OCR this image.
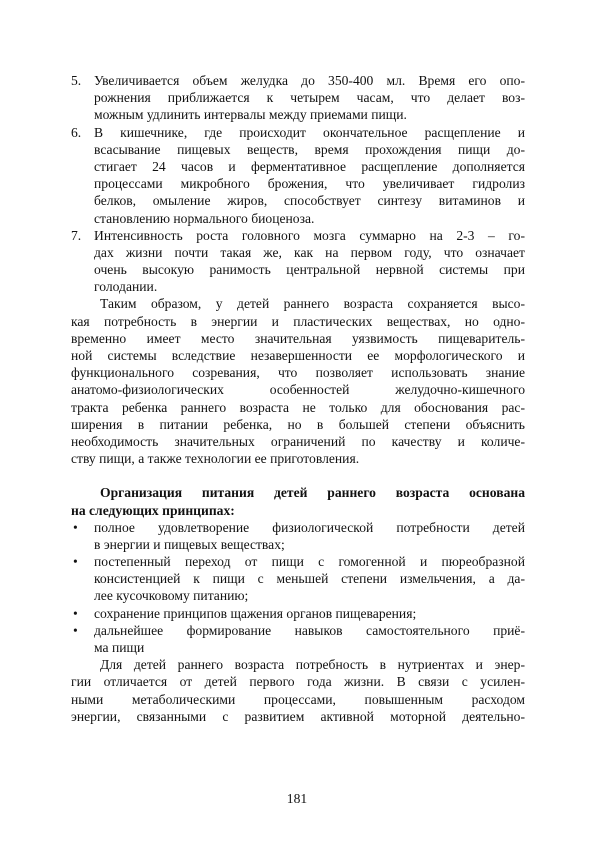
5. Увеличивается объем желудка до 350-400 мл. Время его опо-
рожнения приближается к четырем часам, что делает воз-
можным удлинить интервалы между приемами пищи.
6. В кишечнике, где происходит окончательное расщепление и
всасывание пищевых веществ, время прохождения пищи до-
стигает 24 часов и ферментативное расщепление дополняется
процессами микробного брожения, что увеличивает гидролиз
белков, омыление жиров, способствует синтезу витаминов и
становлению нормального биоценоза.
7. Интенсивность роста головного мозга суммарно на 2-3 – го-
дах жизни почти такая же, как на первом году, что означает
очень высокую ранимость центральной нервной системы при
голодании.
Таким образом, у детей раннего возраста сохраняется высо-
кая потребность в энергии и пластических веществах, но одно-
временно имеет место значительная уязвимость пищеваритель-
ной системы вследствие незавершенности ее морфологического и
функционального созревания, что позволяет использовать знание
анатомо-физиологических особенностей желудочно-кишечного
тракта ребенка раннего возраста не только для обоснования рас-
ширения в питании ребенка, но в большей степени объяснить
необходимость значительных ограничений по качеству и количе-
ству пищи, а также технологии ее приготовления.
Организация питания детей раннего возраста основана
на следующих принципах:
• полное удовлетворение физиологической потребности детей
в энергии и пищевых веществах;
• постепенный переход от пищи с гомогенной и пюреобразной
консистенцией к пищи с меньшей степени измельчения, а да-
лее кусочковому питанию;
• сохранение принципов щажения органов пищеварения;
• дальнейшее формирование навыков самостоятельного приё-
ма пищи
Для детей раннего возраста потребность в нутриентах и энер-
гии отличается от детей первого года жизни. В связи с усилен-
ными метаболическими процессами, повышенным расходом
энергии, связанными с развитием активной моторной деятельно-
181
